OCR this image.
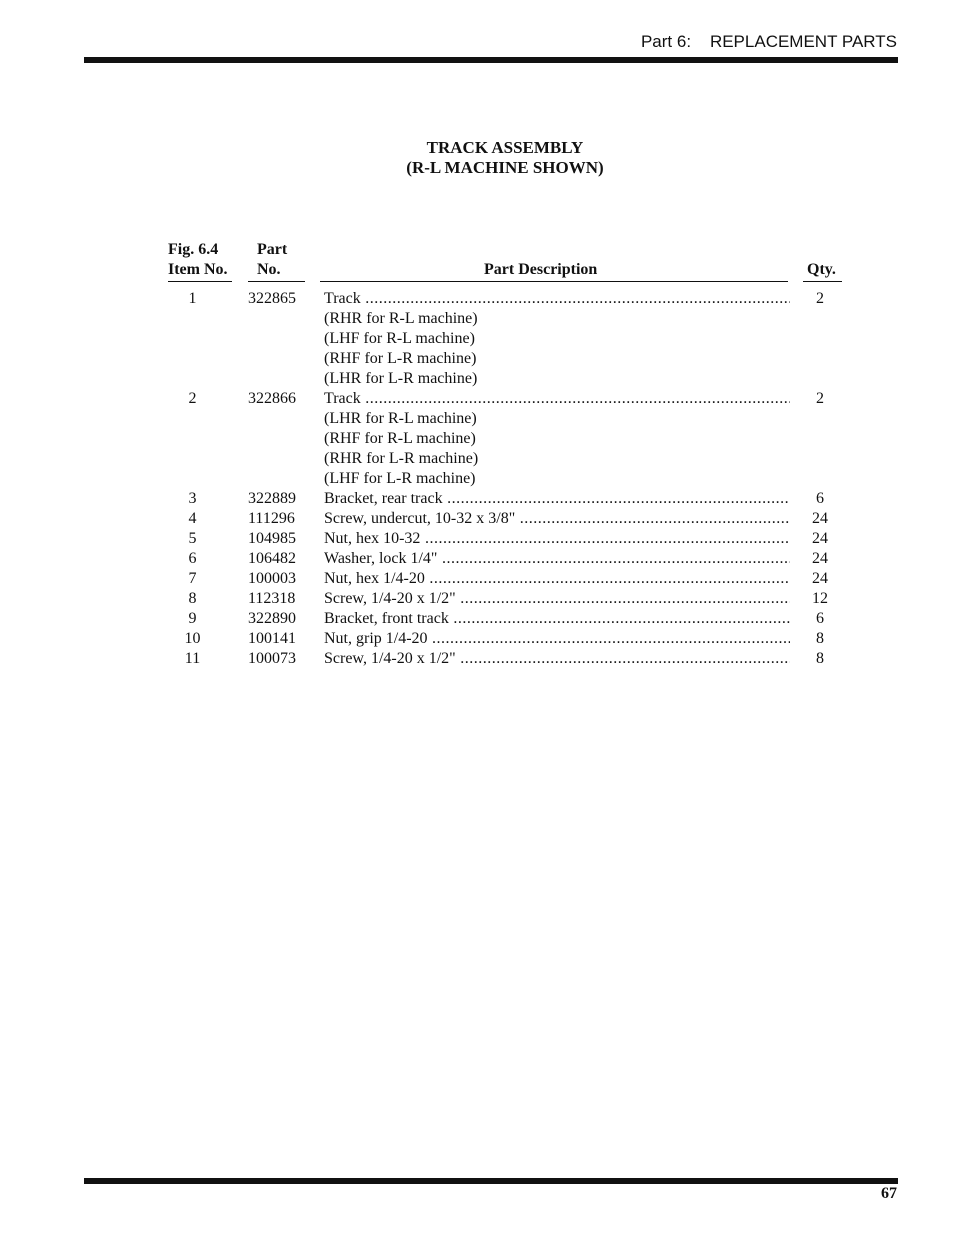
Part 6:    REPLACEMENT PARTS
TRACK ASSEMBLY
(R-L MACHINE SHOWN)
Fig. 6.4
Item No.
Part
No.	Part Description	Qty.
1	322865	Track .....	2
(RHR for R-L machine)
(LHF for R-L machine)
(RHF for L-R machine)
(LHR for L-R machine)
2	322866	Track .....	2
(LHR for R-L machine)
(RHF for R-L machine)
(RHR for L-R machine)
(LHF for L-R machine)
3	322889	Bracket, rear track .....	6
4	111296	Screw, undercut, 10-32 x 3/8" .....	24
5	104985	Nut, hex 10-32 .....	24
6	106482	Washer, lock 1/4" .....	24
7	100003	Nut, hex 1/4-20 .....	24
8	112318	Screw, 1/4-20 x 1/2" .....	12
9	322890	Bracket, front track .....	6
10	100141	Nut, grip 1/4-20 .....	8
11	100073	Screw, 1/4-20 x 1/2" .....	8
67
